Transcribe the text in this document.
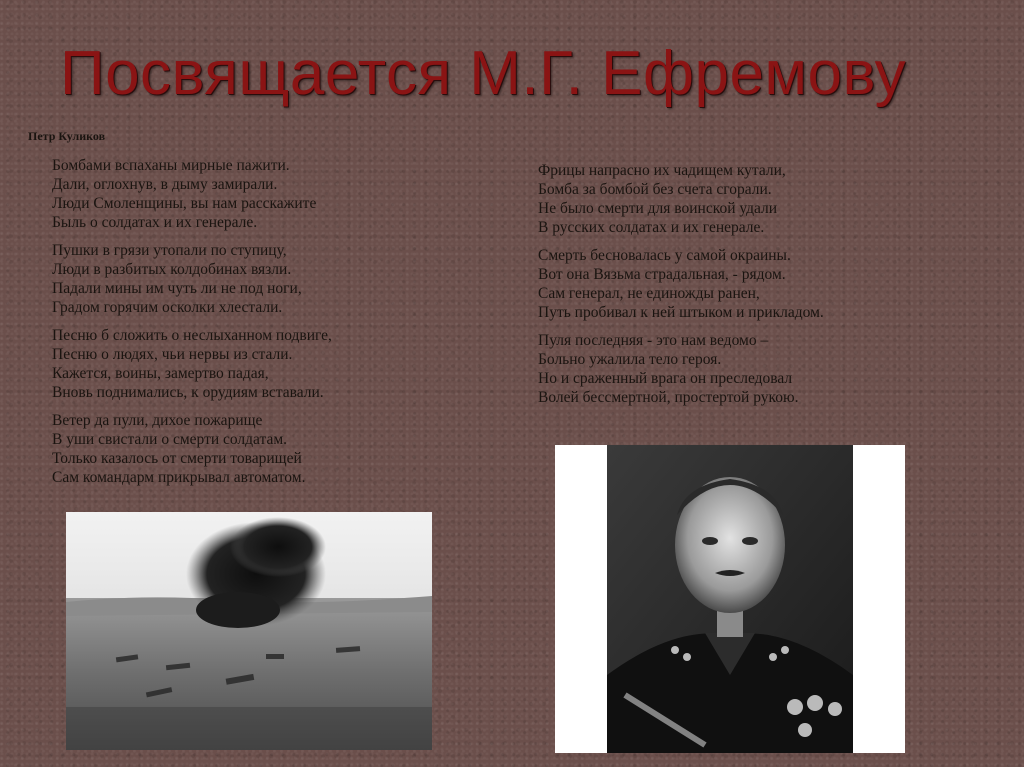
Посвящается М.Г. Ефремову
Петр Куликов
Бомбами вспаханы мирные пажити.
Дали, оглохнув, в дыму замирали.
Люди Смоленщины, вы нам расскажите
Быль о солдатах и их генерале.
Пушки в грязи утопали по ступицу,
Люди в разбитых колдобинах вязли.
Падали мины им чуть ли не под ноги,
Градом горячим осколки хлестали.
Песню б сложить о неслыханном подвиге,
Песню о людях, чьи нервы из стали.
Кажется, воины, замертво падая,
Вновь поднимались, к орудиям вставали.
Ветер да пули, дихое пожарище
В уши свистали о смерти солдатам.
Только казалось от смерти товарищей
Сам командарм прикрывал автоматом.
Фрицы напрасно их чадищем кутали,
Бомба за бомбой без счета сгорали.
Не было смерти для воинской удали
В русских солдатах и их генерале.
Смерть бесновалась у самой окраины.
Вот она Вязьма страдальная, - рядом.
Сам генерал, не единожды ранен,
Путь пробивал к ней штыком и прикладом.
Пуля последняя - это нам ведомо –
Больно ужалила тело героя.
Но и сраженный врага он преследовал
Волей бессмертной, простертой рукою.
